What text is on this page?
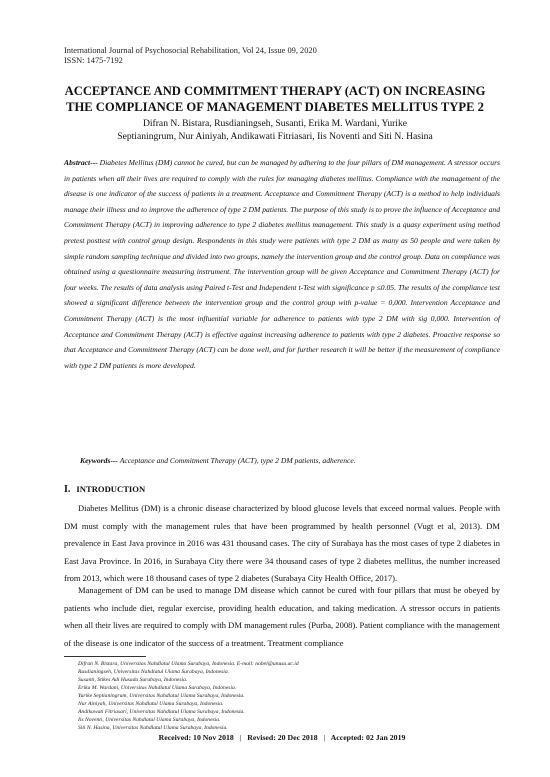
International Journal of Psychosocial Rehabilitation, Vol 24, Issue 09, 2020
ISSN: 1475-7192
ACCEPTANCE AND COMMITMENT THERAPY (ACT) ON INCREASING
THE COMPLIANCE OF MANAGEMENT DIABETES MELLITUS TYPE 2
Difran N. Bistara, Rusdianingseh, Susanti, Erika M. Wardani, Yurike
Septianingrum, Nur Ainiyah, Andikawati Fitriasari, Iis Noventi and Siti N. Hasina
Abstract--- Diabetes Mellitus (DM) cannot be cured, but can be managed by adhering to the four pillars of DM management. A stressor occurs in patients when all their lives are required to comply with the rules for managing diabetes mellitus. Compliance with the management of the disease is one indicator of the success of patients in a treatment. Acceptance and Commitment Therapy (ACT) is a method to help individuals manage their illness and to improve the adherence of type 2 DM patients. The purpose of this study is to prove the influence of Acceptance and Commitment Therapy (ACT) in improving adherence to type 2 diabetes mellitus management. This study is a quasy experiment using method pretest posttest with control group design. Respondents in this study were patients with type 2 DM as many as 50 people and were taken by simple random sampling technique and divided into two groups, namely the intervention group and the control group. Data on compliance was obtained using a questionnaire measuring instrument. The intervention group will be given Acceptance and Commitment Therapy (ACT) for four weeks. The results of data analysis using Paired t-Test and Independent t-Test with significance p ≤0.05. The results of the compliance test showed a significant difference between the intervention group and the control group with p-value = 0,000. Intervention Acceptance and Commitment Therapy (ACT) is the most influential variable for adherence to patients with type 2 DM with sig 0,000. Intervention of Acceptance and Commitment Therapy (ACT) is effective against increasing adherence to patients with type 2 diabetes. Proactive response so that Acceptance and Commitment Therapy (ACT) can be done well, and for further research it will be better if the measurement of compliance with type 2 DM patients is more developed.
Keywords--- Acceptance and Commitment Therapy (ACT), type 2 DM patients, adherence.
I. INTRODUCTION
Diabetes Mellitus (DM) is a chronic disease characterized by blood glucose levels that exceed normal values. People with DM must comply with the management rules that have been programmed by health personnel (Vugt et al, 2013). DM prevalence in East Java province in 2016 was 431 thousand cases. The city of Surabaya has the most cases of type 2 diabetes in East Java Province. In 2016, in Surabaya City there were 34 thousand cases of type 2 diabetes mellitus, the number increased from 2013, which were 18 thousand cases of type 2 diabetes (Surabaya City Health Office, 2017).
Management of DM can be used to manage DM disease which cannot be cured with four pillars that must be obeyed by patients who include diet, regular exercise, providing health education, and taking medication. A stressor occurs in patients when all their lives are required to comply with DM management rules (Purba, 2008). Patient compliance with the management of the disease is one indicator of the success of a treatment. Treatment compliance
Difran N. Bistara, Universitas Nahdlatul Ulama Surabaya, Indonesia. E-mail: nobel@unusa.ac.id
Rusdianingseh, Universitas Nahdlatul Ulama Surabaya, Indonesia.
Susanti, Stikes Adi Husada Surabaya, Indonesia.
Erika M. Wardani, Universitas Nahdlatul Ulama Surabaya, Indonesia.
Yurike Septianingrum, Universitas Nahdlatul Ulama Surabaya, Indonesia.
Nur Ainiyah, Universitas Nahdlatul Ulama Surabaya, Indonesia.
Andikawati Fitriasari, Universitas Nahdlatul Ulama Surabaya, Indonesia.
Iis Noventi, Universitas Nahdlatul Ulama Surabaya, Indonesia.
Siti N. Hasina, Universitas Nahdlatul Ulama Surabaya, Indonesia.
Received: 10 Nov 2018 | Revised: 20 Dec 2018 | Accepted: 02 Jan 2019
